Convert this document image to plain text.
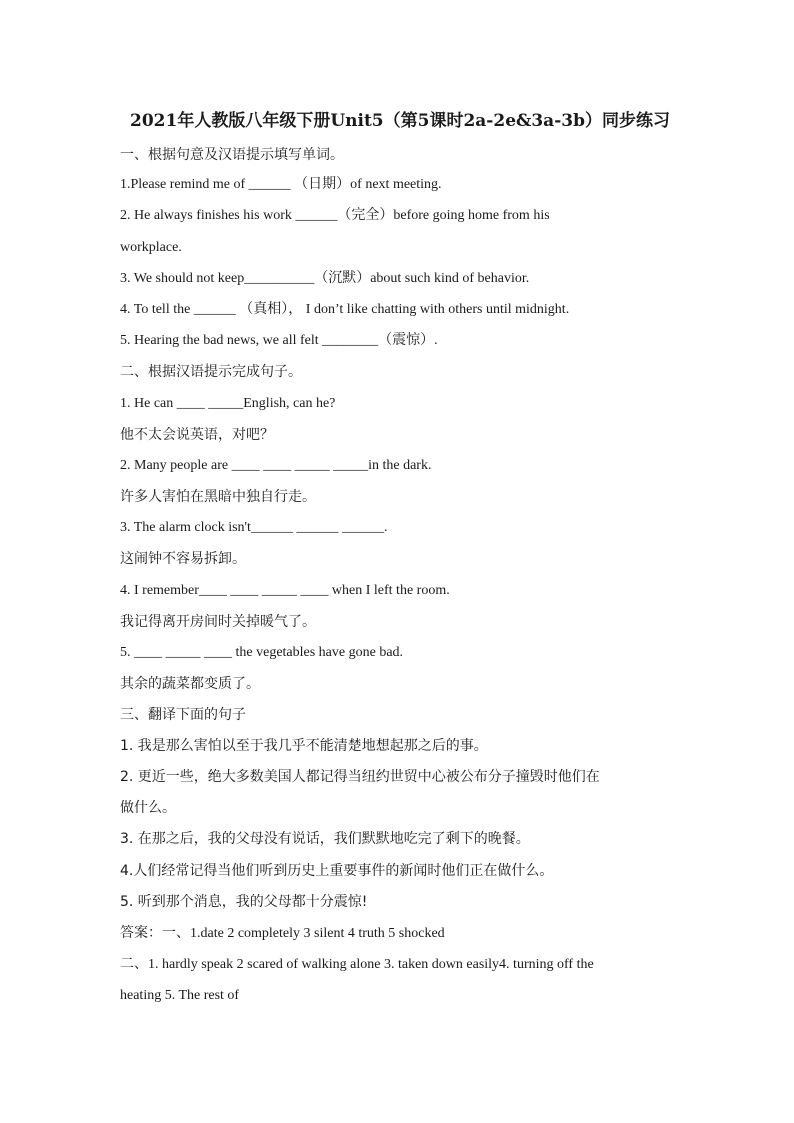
2021年人教版八年级下册Unit5（第5课时2a-2e&3a-3b）同步练习
一、根据句意及汉语提示填写单词。
1.Please remind me of ______ （日期）of next meeting.
2. He always finishes his work ______（完全）before going home from his
workplace.
3. We should not keep__________（沉默）about such kind of behavior.
4. To tell the ______ （真相）， I don’t like chatting with others until midnight.
5. Hearing the bad news, we all felt ________（震惊）.
二、根据汉语提示完成句子。
1. He can ____ _____English, can he?
他不太会说英语，对吧？
2. Many people are ____ ____ _____ _____in the dark.
许多人害怕在黑暗中独自行走。
3. The alarm clock isn't______ ______ ______.
这闹钟不容易拆卸。
4. I remember____ ____ _____ ____ when I left the room.
我记得离开房间时关掉暖气了。
5. ____ _____ ____ the vegetables have gone bad.
其余的蔬菜都变质了。
三、翻译下面的句子
1. 我是那么害怕以至于我几乎不能清楚地想起那之后的事。
2. 更近一些，绝大多数美国人都记得当纽约世贸中心被公布分子撞毁时他们在
做什么。
3. 在那之后，我的父母没有说话，我们默默地吃完了剩下的晚餐。
4.人们经常记得当他们听到历史上重要事件的新闻时他们正在做什么。
5. 听到那个消息，我的父母都十分震惊!
答案：一、1.date 2 completely 3 silent 4 truth 5 shocked
二、1. hardly speak 2 scared of walking alone 3. taken down easily4. turning off the
heating 5. The rest of
